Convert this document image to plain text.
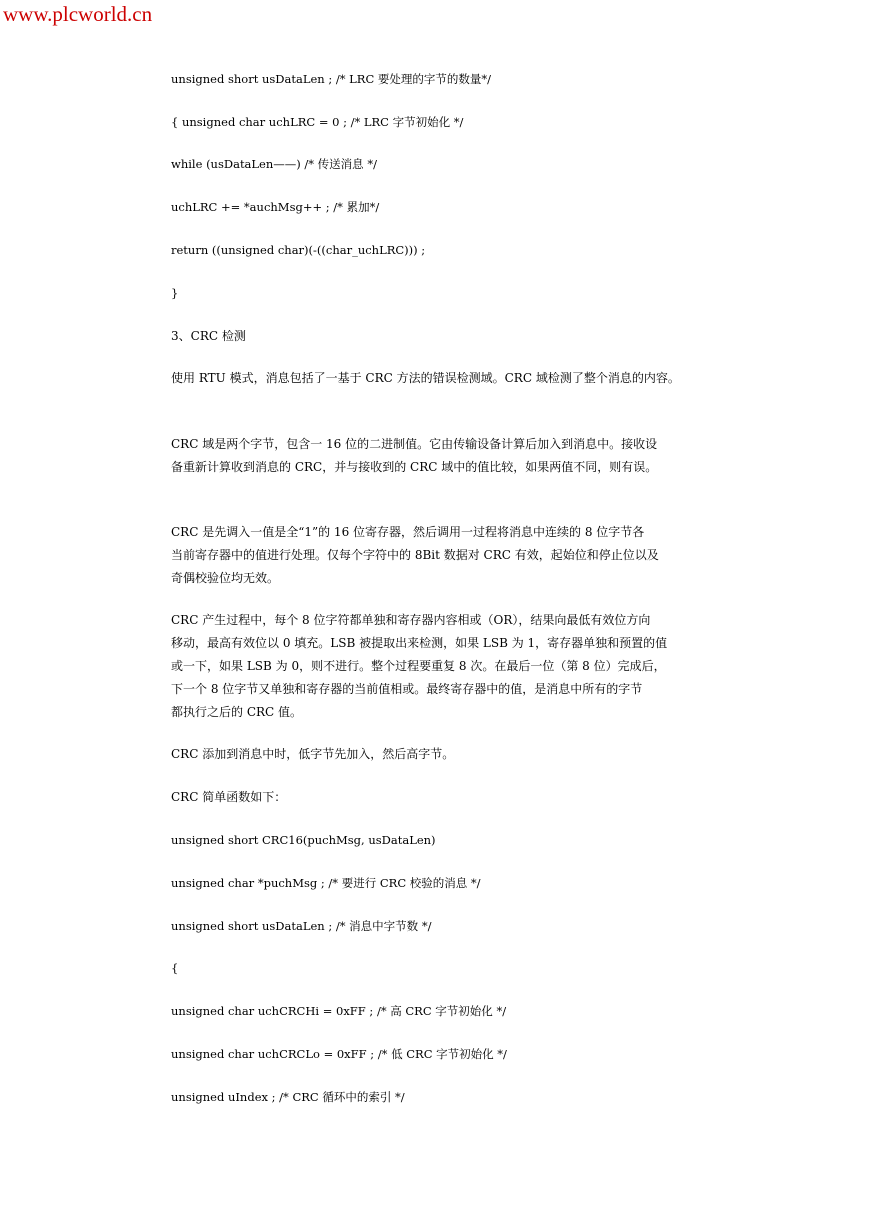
www.plcworld.cn
unsigned short usDataLen ; /* LRC 要处理的字节的数量*/
{ unsigned char uchLRC = 0 ; /* LRC 字节初始化 */
while (usDataLen——) /* 传送消息 */
uchLRC += *auchMsg++ ; /* 累加*/
return ((unsigned char)(-((char_uchLRC))) ;
}
3、CRC 检测
使用 RTU 模式，消息包括了一基于 CRC 方法的错误检测域。CRC 域检测了整个消息的内容。
CRC 域是两个字节，包含一 16 位的二进制值。它由传输设备计算后加入到消息中。接收设
备重新计算收到消息的 CRC，并与接收到的 CRC 域中的值比较，如果两值不同，则有误。
CRC 是先调入一值是全“1”的 16 位寄存器，然后调用一过程将消息中连续的 8 位字节各
当前寄存器中的值进行处理。仅每个字符中的 8Bit 数据对 CRC 有效，起始位和停止位以及
奇偶校验位均无效。
CRC 产生过程中，每个 8 位字符都单独和寄存器内容相或（OR），结果向最低有效位方向
移动，最高有效位以 0 填充。LSB 被提取出来检测，如果 LSB 为 1，寄存器单独和预置的值
或一下，如果 LSB 为 0，则不进行。整个过程要重复 8 次。在最后一位（第 8 位）完成后，
下一个 8 位字节又单独和寄存器的当前值相或。最终寄存器中的值，是消息中所有的字节
都执行之后的 CRC 值。
CRC 添加到消息中时，低字节先加入，然后高字节。
CRC 简单函数如下：
unsigned short CRC16(puchMsg, usDataLen)
unsigned char *puchMsg ; /* 要进行 CRC 校验的消息 */
unsigned short usDataLen ; /* 消息中字节数 */
{
unsigned char uchCRCHi = 0xFF ; /* 高 CRC 字节初始化 */
unsigned char uchCRCLo = 0xFF ; /* 低 CRC 字节初始化 */
unsigned uIndex ; /* CRC 循环中的索引 */
